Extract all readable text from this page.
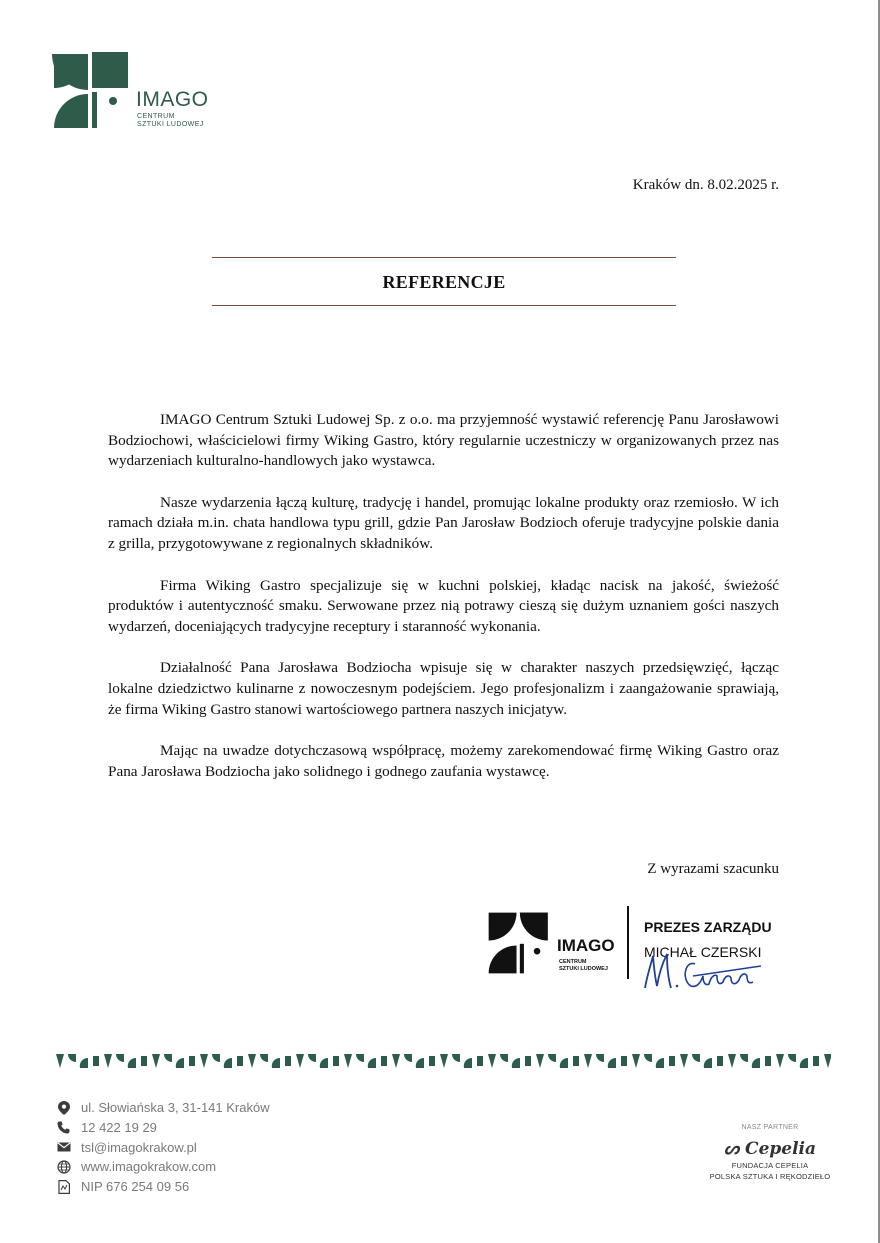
IMAGO
CENTRUM
SZTUKI LUDOWEJ
Kraków dn. 8.02.2025 r.
REFERENCJE

IMAGO Centrum Sztuki Ludowej Sp. z o.o. ma przyjemność wystawić referencję Panu Jarosławowi Bodziochowi, właścicielowi firmy Wiking Gastro, który regularnie uczestniczy w organizowanych przez nas wydarzeniach kulturalno-handlowych jako wystawca.

Nasze wydarzenia łączą kulturę, tradycję i handel, promując lokalne produkty oraz rzemiosło. W ich ramach działa m.in. chata handlowa typu grill, gdzie Pan Jarosław Bodzioch oferuje tradycyjne polskie dania z grilla, przygotowywane z regionalnych składników.

Firma Wiking Gastro specjalizuje się w kuchni polskiej, kładąc nacisk na jakość, świeżość produktów i autentyczność smaku. Serwowane przez nią potrawy cieszą się dużym uznaniem gości naszych wydarzeń, doceniających tradycyjne receptury i staranność wykonania.

Działalność Pana Jarosława Bodziocha wpisuje się w charakter naszych przedsięwzięć, łącząc lokalne dziedzictwo kulinarne z nowoczesnym podejściem. Jego profesjonalizm i zaangażowanie sprawiają, że firma Wiking Gastro stanowi wartościowego partnera naszych inicjatyw.

Mając na uwadze dotychczasową współpracę, możemy zarekomendować firmę Wiking Gastro oraz Pana Jarosława Bodziocha jako solidnego i godnego zaufania wystawcę.

Z wyrazami szacunku
IMAGO
CENTRUM
SZTUKI LUDOWEJ
PREZES ZARZĄDU
MICHAŁ CZERSKI
ul. Słowiańska 3, 31-141 Kraków
12 422 19 29
tsl@imagokrakow.pl
www.imagokrakow.com
NIP 676 254 09 56
NASZ PARTNER
ᔕ Cepelia
FUNDACJA CEPELIA
POLSKA SZTUKA I RĘKODZIEŁO
